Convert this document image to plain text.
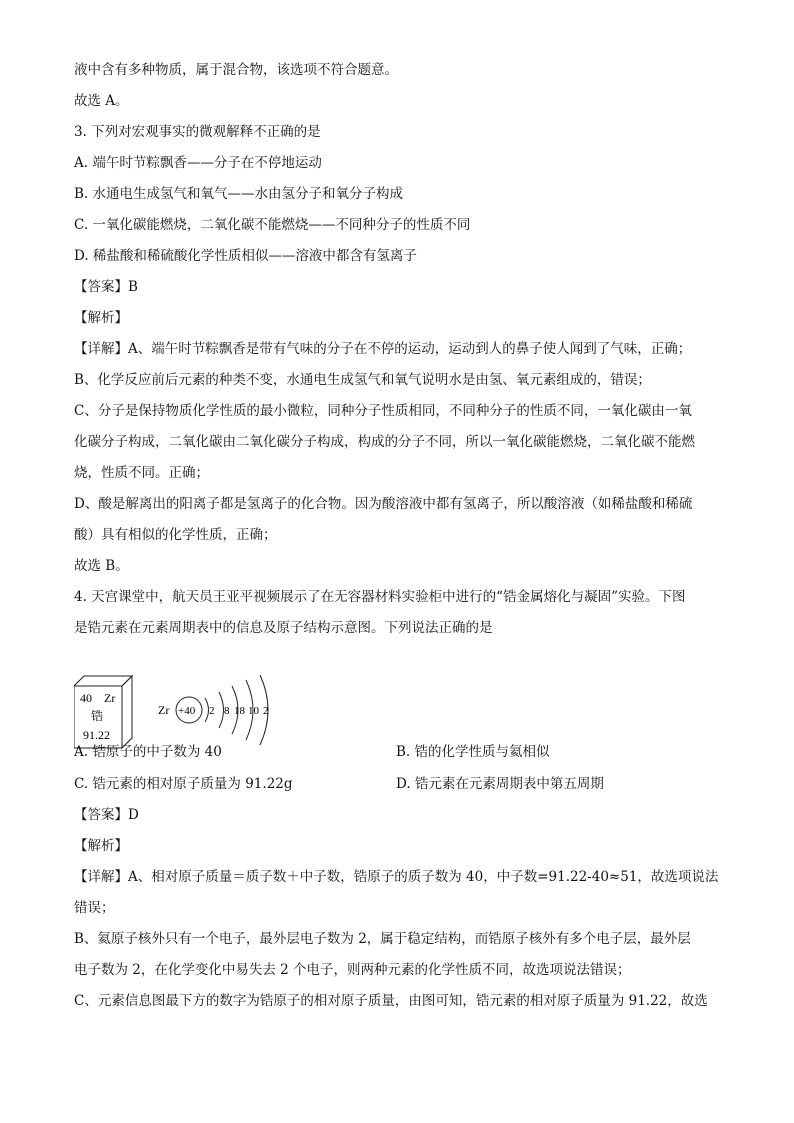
液中含有多种物质，属于混合物，该选项不符合题意。
故选 A。
3. 下列对宏观事实的微观解释不正确的是
A. 端午时节粽飘香——分子在不停地运动
B. 水通电生成氢气和氧气——水由氢分子和氧分子构成
C. 一氧化碳能燃烧，二氧化碳不能燃烧——不同种分子的性质不同
D. 稀盐酸和稀硫酸化学性质相似——溶液中都含有氢离子
【答案】B
【解析】
【详解】A、端午时节粽飘香是带有气味的分子在不停的运动，运动到人的鼻子使人闻到了气味，正确；
B、化学反应前后元素的种类不变，水通电生成氢气和氧气说明水是由氢、氧元素组成的，错误；
C、分子是保持物质化学性质的最小微粒，同种分子性质相同，不同种分子的性质不同，一氧化碳由一氧
化碳分子构成，二氧化碳由二氧化碳分子构成，构成的分子不同，所以一氧化碳能燃烧，二氧化碳不能燃
烧，性质不同。正确；
D、酸是解离出的阳离子都是氢离子的化合物。因为酸溶液中都有氢离子，所以酸溶液（如稀盐酸和稀硫
酸）具有相似的化学性质，正确；
故选 B。
4. 天宫课堂中，航天员王亚平视频展示了在无容器材料实验柜中进行的“锆金属熔化与凝固”实验。下图
是锆元素在元素周期表中的信息及原子结构示意图。下列说法正确的是
40 Zr
锆
91.22
Zr +40 2 8 18 10 2
A. 锆原子的中子数为 40	B. 锆的化学性质与氦相似
C. 锆元素的相对原子质量为 91.22g	D. 锆元素在元素周期表中第五周期
【答案】D
【解析】
【详解】A、相对原子质量＝质子数＋中子数，锆原子的质子数为 40，中子数=91.22-40≈51，故选项说法
错误；
B、氦原子核外只有一个电子，最外层电子数为 2，属于稳定结构，而锆原子核外有多个电子层，最外层
电子数为 2，在化学变化中易失去 2 个电子，则两种元素的化学性质不同，故选项说法错误；
C、元素信息图最下方的数字为锆原子的相对原子质量，由图可知，锆元素的相对原子质量为 91.22，故选
